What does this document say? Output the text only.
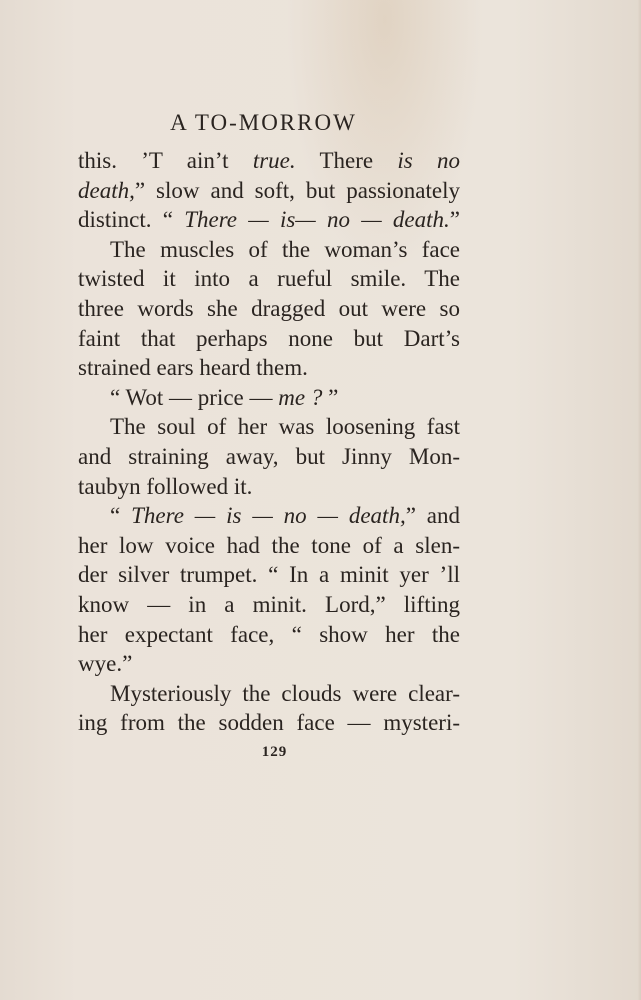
A TO-MORROW
this. ’T ain’t true. There is no
death,” slow and soft, but passionately
distinct. “ There — is— no — death.”
The muscles of the woman’s face
twisted it into a rueful smile. The
three words she dragged out were so
faint that perhaps none but Dart’s
strained ears heard them.
“ Wot — price — me ? ”
The soul of her was loosening fast
and straining away, but Jinny Mon-
taubyn followed it.
“ There — is — no — death,” and
her low voice had the tone of a slen-
der silver trumpet. “ In a minit yer ’ll
know — in a minit. Lord,” lifting
her expectant face, “ show her the
wye.”
Mysteriously the clouds were clear-
ing from the sodden face — mysteri-
129
